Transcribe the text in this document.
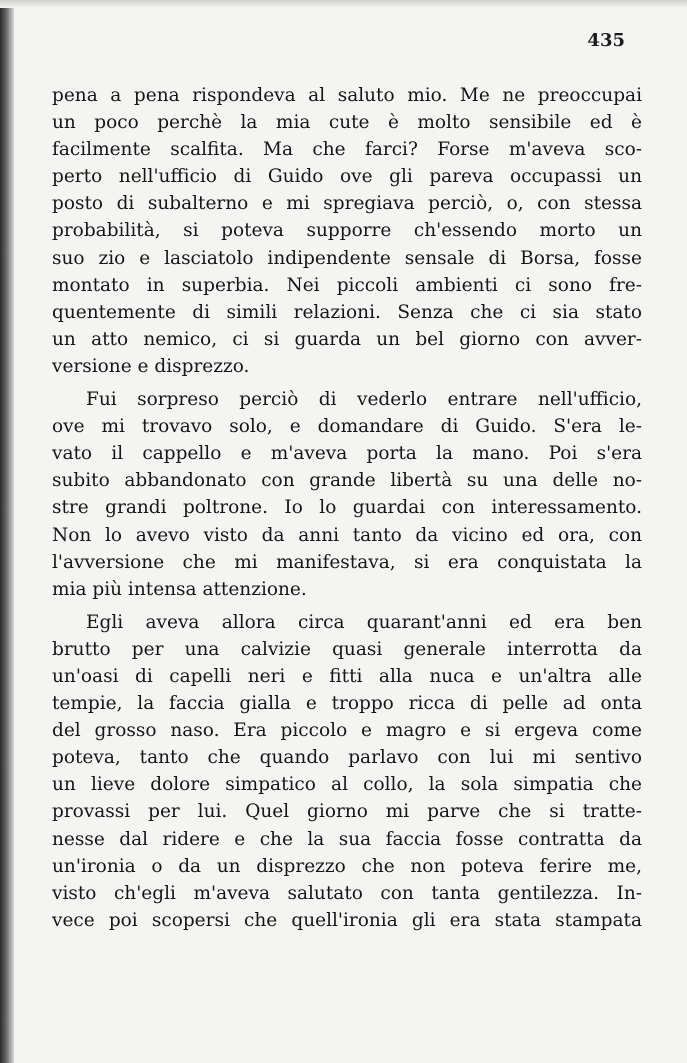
435

pena a pena rispondeva al saluto mio. Me ne preoccupai
un poco perchè la mia cute è molto sensibile ed è
facilmente scalfita. Ma che farci? Forse m'aveva sco-
perto nell'ufficio di Guido ove gli pareva occupassi un
posto di subalterno e mi spregiava perciò, o, con stessa
probabilità, si poteva supporre ch'essendo morto un
suo zio e lasciatolo indipendente sensale di Borsa, fosse
montato in superbia. Nei piccoli ambienti ci sono fre-
quentemente di simili relazioni. Senza che ci sia stato
un atto nemico, ci si guarda un bel giorno con avver-
versione e disprezzo.

Fui sorpreso perciò di vederlo entrare nell'ufficio,
ove mi trovavo solo, e domandare di Guido. S'era le-
vato il cappello e m'aveva porta la mano. Poi s'era
subito abbandonato con grande libertà su una delle no-
stre grandi poltrone. Io lo guardai con interessamento.
Non lo avevo visto da anni tanto da vicino ed ora, con
l'avversione che mi manifestava, si era conquistata la
mia più intensa attenzione.

Egli aveva allora circa quarant'anni ed era ben
brutto per una calvizie quasi generale interrotta da
un'oasi di capelli neri e fitti alla nuca e un'altra alle
tempie, la faccia gialla e troppo ricca di pelle ad onta
del grosso naso. Era piccolo e magro e si ergeva come
poteva, tanto che quando parlavo con lui mi sentivo
un lieve dolore simpatico al collo, la sola simpatia che
provassi per lui. Quel giorno mi parve che si tratte-
nesse dal ridere e che la sua faccia fosse contratta da
un'ironia o da un disprezzo che non poteva ferire me,
visto ch'egli m'aveva salutato con tanta gentilezza. In-
vece poi scopersi che quell'ironia gli era stata stampata
